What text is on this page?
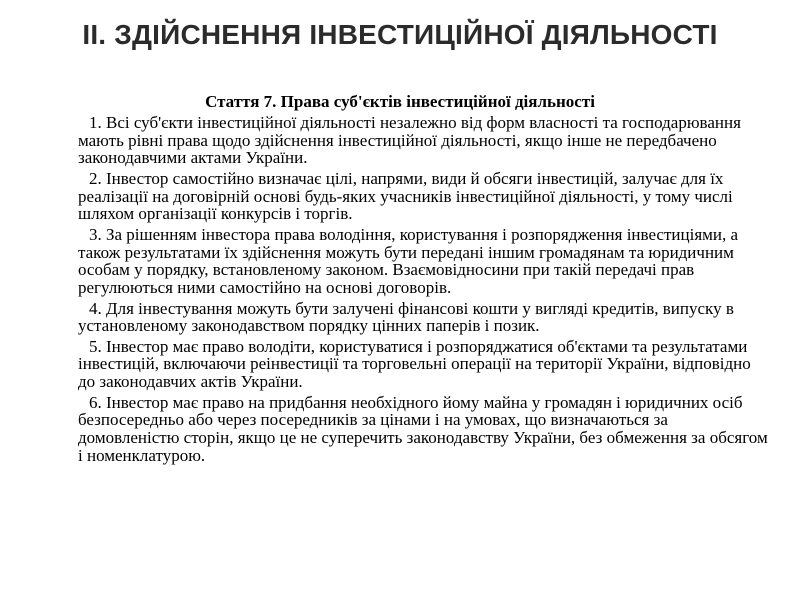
ІІ. ЗДІЙСНЕННЯ ІНВЕСТИЦІЙНОЇ ДІЯЛЬНОСТІ
Стаття 7. Права суб'єктів інвестиційної діяльності

1. Всі суб'єкти інвестиційної діяльності незалежно від форм власності та господарювання мають рівні права щодо здійснення інвестиційної діяльності, якщо інше не передбачено законодавчими актами України.

2. Інвестор самостійно визначає цілі, напрями, види й обсяги інвестицій, залучає для їх реалізації на договірній основі будь-яких учасників інвестиційної діяльності, у тому числі шляхом організації конкурсів і торгів.

3. За рішенням інвестора права володіння, користування і розпорядження інвестиціями, а також результатами їх здійснення можуть бути передані іншим громадянам та юридичним особам у порядку, встановленому законом. Взаємовідносини при такій передачі прав регулюються ними самостійно на основі договорів.

4. Для інвестування можуть бути залучені фінансові кошти у вигляді кредитів, випуску в установленому законодавством порядку цінних паперів і позик.

5. Інвестор має право володіти, користуватися і розпоряджатися об'єктами та результатами інвестицій, включаючи реінвестиції та торговельні операції на території України, відповідно до законодавчих актів України.

6. Інвестор має право на придбання необхідного йому майна у громадян і юридичних осіб безпосередньо або через посередників за цінами і на умовах, що визначаються за домовленістю сторін, якщо це не суперечить законодавству України, без обмеження за обсягом і номенклатурою.
